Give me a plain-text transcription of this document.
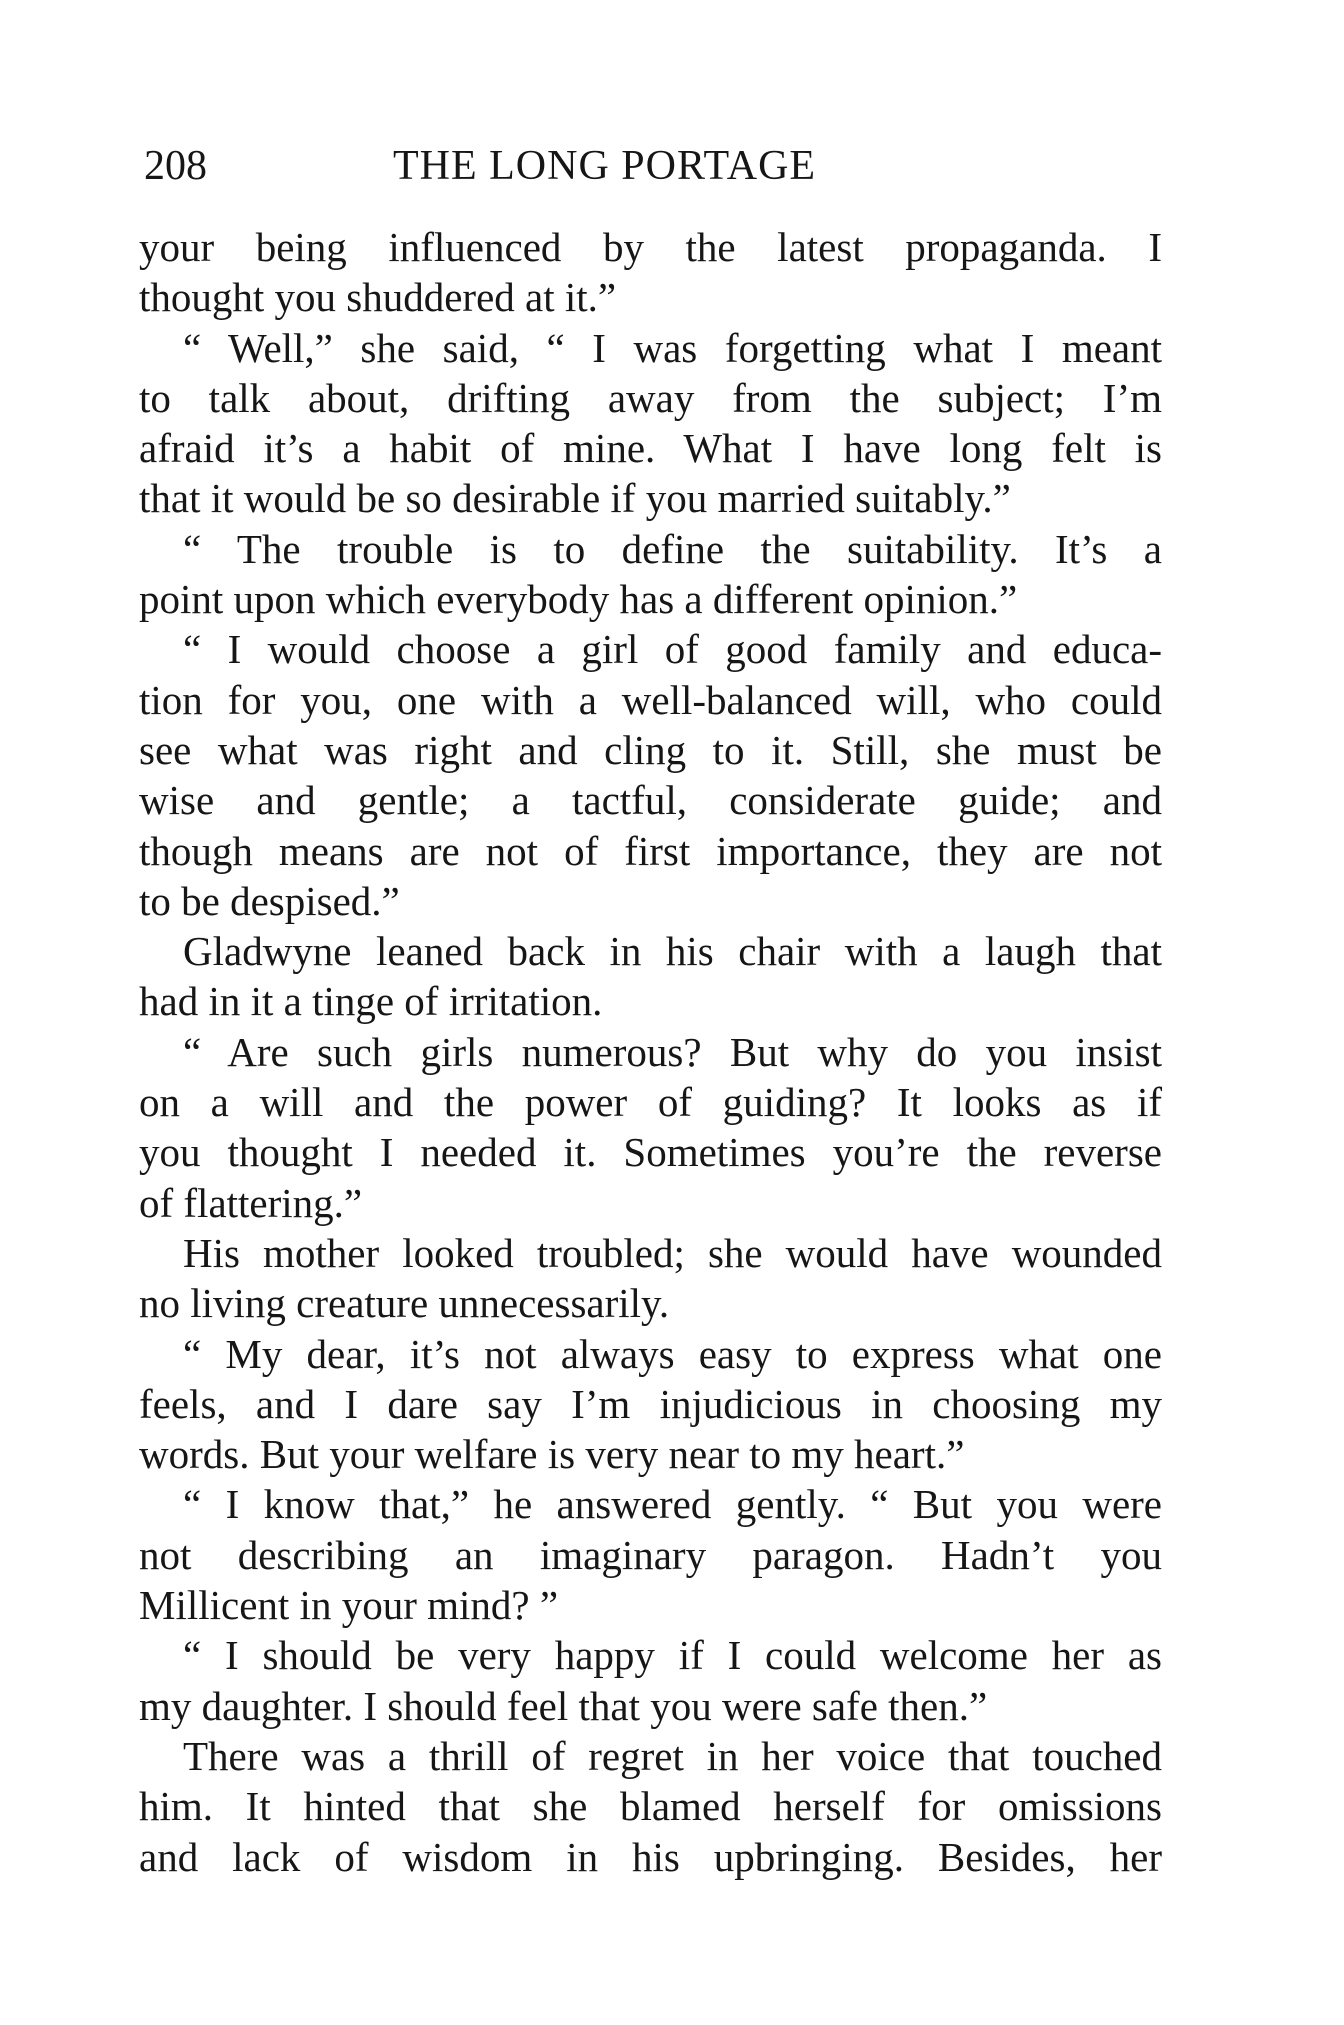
208	THE LONG PORTAGE
your being influenced by the latest propaganda. I
thought you shuddered at it.”
“ Well,” she said, “ I was forgetting what I meant
to talk about, drifting away from the subject; I’m
afraid it’s a habit of mine. What I have long felt is
that it would be so desirable if you married suitably.”
“ The trouble is to define the suitability. It’s a
point upon which everybody has a different opinion.”
“ I would choose a girl of good family and educa-
tion for you, one with a well-balanced will, who could
see what was right and cling to it. Still, she must be
wise and gentle; a tactful, considerate guide; and
though means are not of first importance, they are not
to be despised.”
Gladwyne leaned back in his chair with a laugh that
had in it a tinge of irritation.
“ Are such girls numerous? But why do you insist
on a will and the power of guiding? It looks as if
you thought I needed it. Sometimes you’re the reverse
of flattering.”
His mother looked troubled; she would have wounded
no living creature unnecessarily.
“ My dear, it’s not always easy to express what one
feels, and I dare say I’m injudicious in choosing my
words. But your welfare is very near to my heart.”
“ I know that,” he answered gently. “ But you were
not describing an imaginary paragon. Hadn’t you
Millicent in your mind? ”
“ I should be very happy if I could welcome her as
my daughter. I should feel that you were safe then.”
There was a thrill of regret in her voice that touched
him. It hinted that she blamed herself for omissions
and lack of wisdom in his upbringing. Besides, her
